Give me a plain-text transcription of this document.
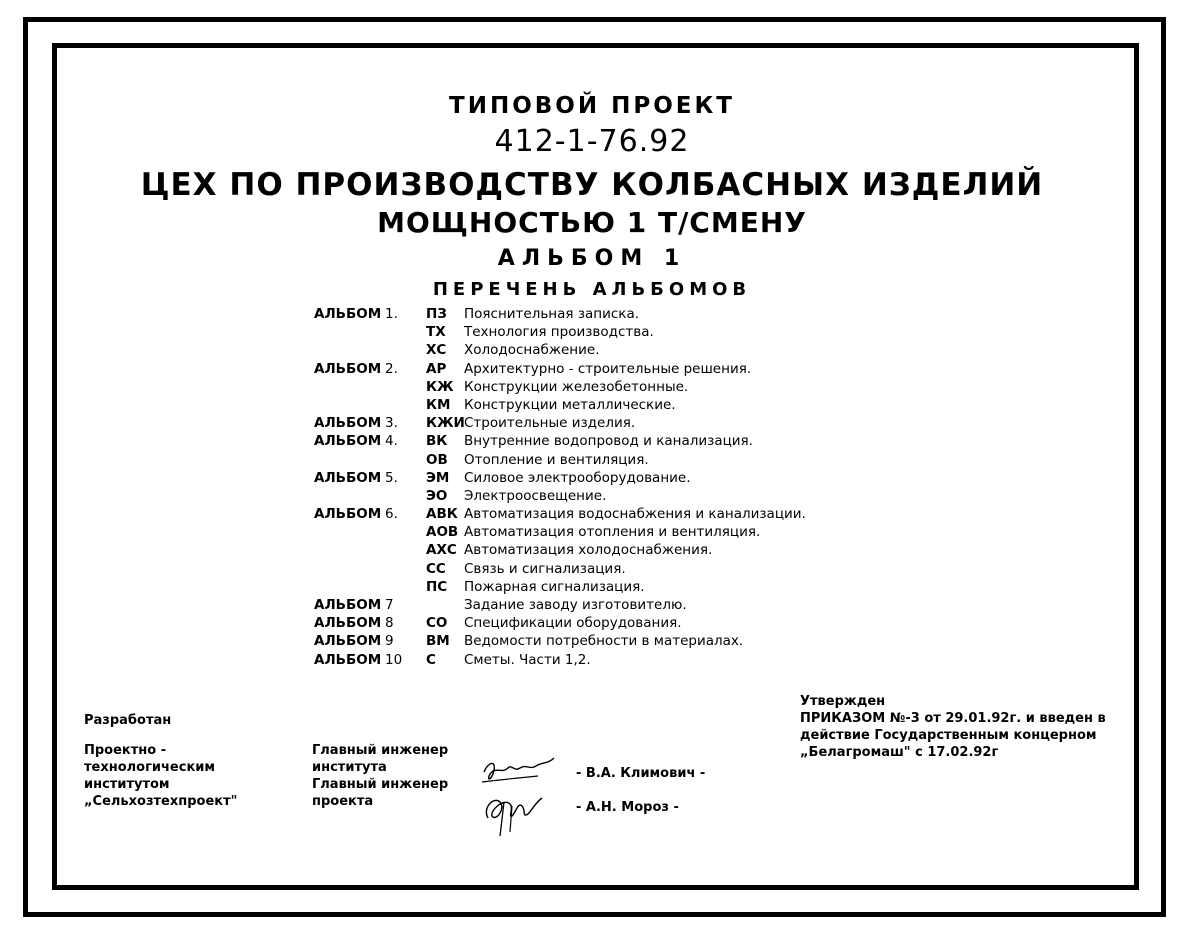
ТИПОВОЙ ПРОЕКТ
412-1-76.92
ЦЕХ ПО ПРОИЗВОДСТВУ КОЛБАСНЫХ ИЗДЕЛИЙ
МОЩНОСТЬЮ 1 Т/СМЕНУ
АЛЬБОМ 1
ПЕРЕЧЕНЬ АЛЬБОМОВ
АЛЬБОМ 1. ПЗ Пояснительная записка.
ТХ Технология производства.
ХС Холодоснабжение.
АЛЬБОМ 2. АР Архитектурно - строительные решения.
КЖ Конструкции железобетонные.
КМ Конструкции металлические.
АЛЬБОМ 3. КЖИ Строительные изделия.
АЛЬБОМ 4. ВК Внутренние водопровод и канализация.
ОВ Отопление и вентиляция.
АЛЬБОМ 5. ЭМ Силовое электрооборудование.
ЭО Электроосвещение.
АЛЬБОМ 6. АВК Автоматизация водоснабжения и канализации.
АОВ Автоматизация отопления и вентиляция.
АХС Автоматизация холодоснабжения.
СС Связь и сигнализация.
ПС Пожарная сигнализация.
АЛЬБОМ 7	Задание заводу изготовителю.
АЛЬБОМ 8 СО Спецификации оборудования.
АЛЬБОМ 9 ВМ Ведомости потребности в материалах.
АЛЬБОМ 10 С Сметы. Части 1,2.
Утвержден
ПРИКАЗОМ №-3 от 29.01.92г. и введен в
действие Государственным концерном
„Белагромаш" с 17.02.92г
Разработан
Проектно -
технологическим
институтом
„Сельхозтехпроект"
Главный инженер
института
Главный инженер
проекта
- В.А. Климович -
- А.Н. Мороз -
